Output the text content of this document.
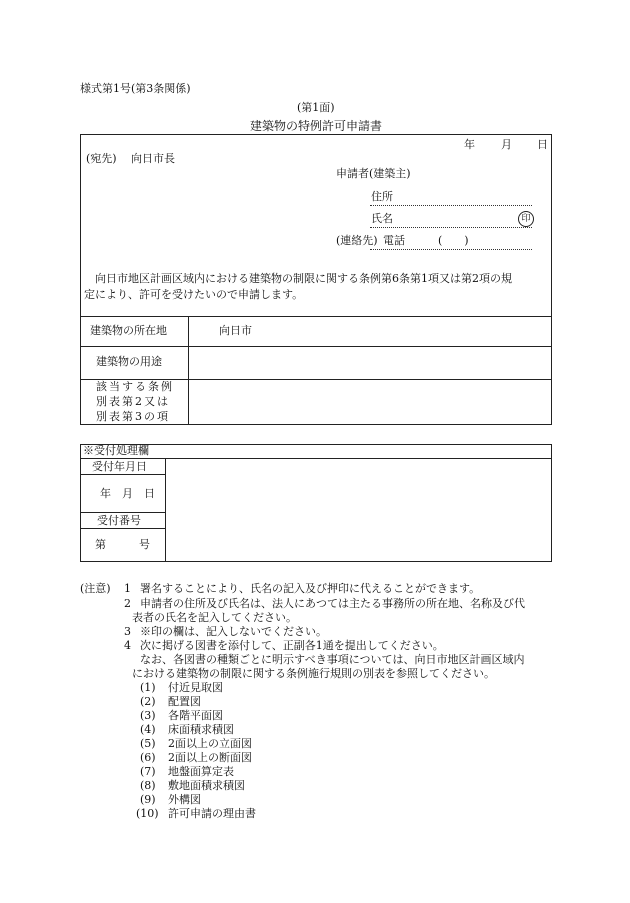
様式第1号(第3条関係)
(第1面)
建築物の特例許可申請書
年 月 日
(宛先) 向日市長
申請者(建築主)
住所
氏名	印
(連絡先) 電話	(　　)
向日市地区計画区域内における建築物の制限に関する条例第6条第1項又は第2項の規
定により、許可を受けたいので申請します。
建築物の所在地	向日市
建築物の用途
該当する条例
別表第2又は
別表第3の項
※受付処理欄
受付年月日
年　月　日
受付番号
第　　　号
(注意) 1 署名することにより、氏名の記入及び押印に代えることができます。
2 申請者の住所及び氏名は、法人にあつては主たる事務所の所在地、名称及び代
表者の氏名を記入してください。
3 ※印の欄は、記入しないでください。
4 次に掲げる図書を添付して、正副各1通を提出してください。
なお、各図書の種類ごとに明示すべき事項については、向日市地区計画区域内
における建築物の制限に関する条例施行規則の別表を参照してください。
(1) 付近見取図
(2) 配置図
(3) 各階平面図
(4) 床面積求積図
(5) 2面以上の立面図
(6) 2面以上の断面図
(7) 地盤面算定表
(8) 敷地面積求積図
(9) 外構図
(10) 許可申請の理由書
